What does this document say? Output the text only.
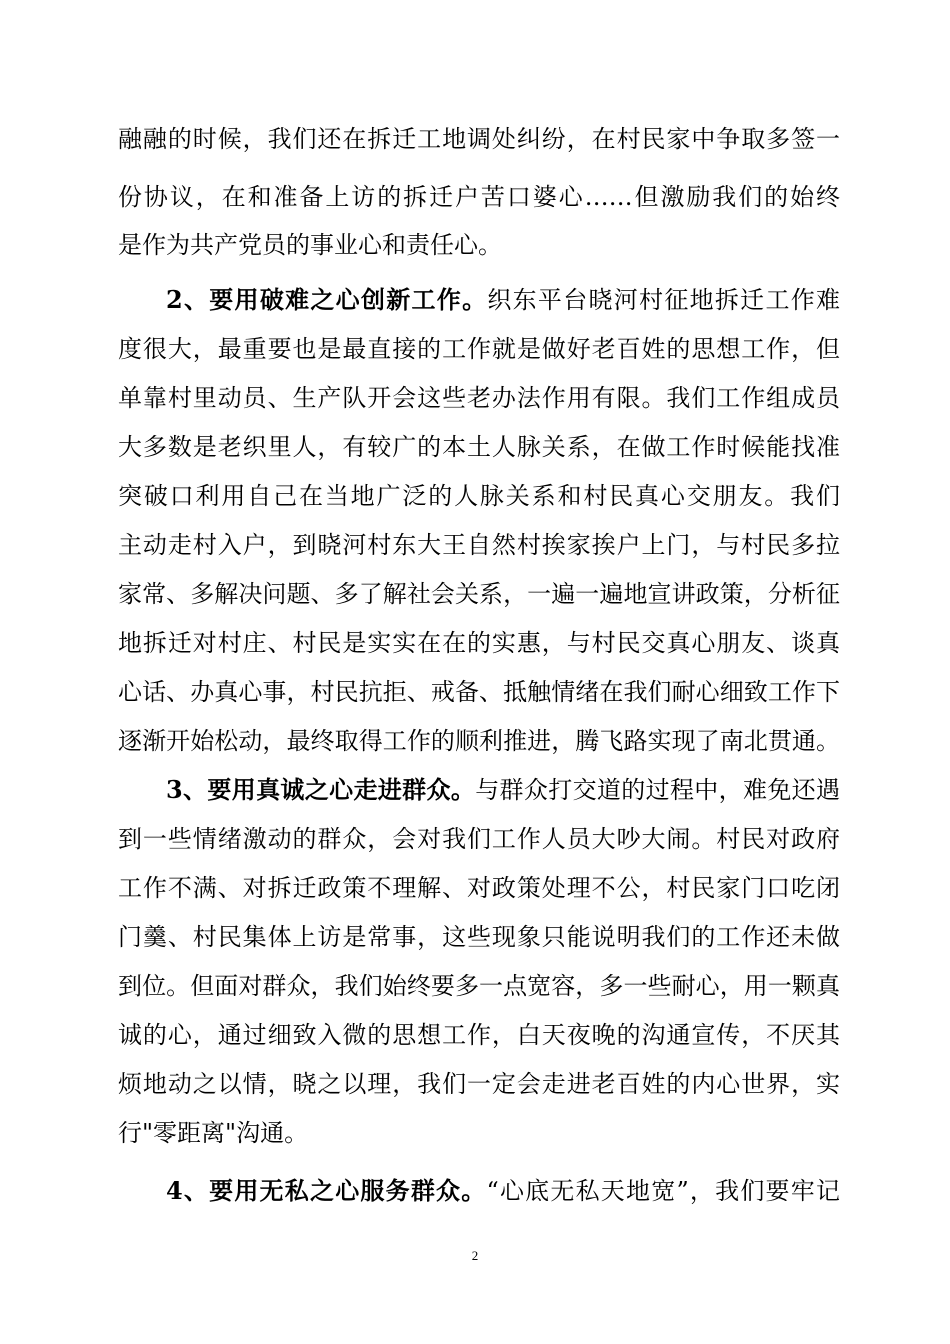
融融的时候，我们还在拆迁工地调处纠纷，在村民家中争取多签一
份协议，在和准备上访的拆迁户苦口婆心……但激励我们的始终
是作为共产党员的事业心和责任心。
2、要用破难之心创新工作。织东平台晓河村征地拆迁工作难
度很大，最重要也是最直接的工作就是做好老百姓的思想工作，但
单靠村里动员、生产队开会这些老办法作用有限。我们工作组成员
大多数是老织里人，有较广的本土人脉关系，在做工作时候能找准
突破口利用自己在当地广泛的人脉关系和村民真心交朋友。我们
主动走村入户，到晓河村东大王自然村挨家挨户上门，与村民多拉
家常、多解决问题、多了解社会关系，一遍一遍地宣讲政策，分析征
地拆迁对村庄、村民是实实在在的实惠，与村民交真心朋友、谈真
心话、办真心事，村民抗拒、戒备、抵触情绪在我们耐心细致工作下
逐渐开始松动，最终取得工作的顺利推进，腾飞路实现了南北贯通。
3、要用真诚之心走进群众。与群众打交道的过程中，难免还遇
到一些情绪激动的群众，会对我们工作人员大吵大闹。村民对政府
工作不满、对拆迁政策不理解、对政策处理不公，村民家门口吃闭
门羹、村民集体上访是常事，这些现象只能说明我们的工作还未做
到位。但面对群众，我们始终要多一点宽容，多一些耐心，用一颗真
诚的心，通过细致入微的思想工作，白天夜晚的沟通宣传，不厌其
烦地动之以情，晓之以理，我们一定会走进老百姓的内心世界，实
行"零距离"沟通。
4、要用无私之心服务群众。“心底无私天地宽”，我们要牢记
2
